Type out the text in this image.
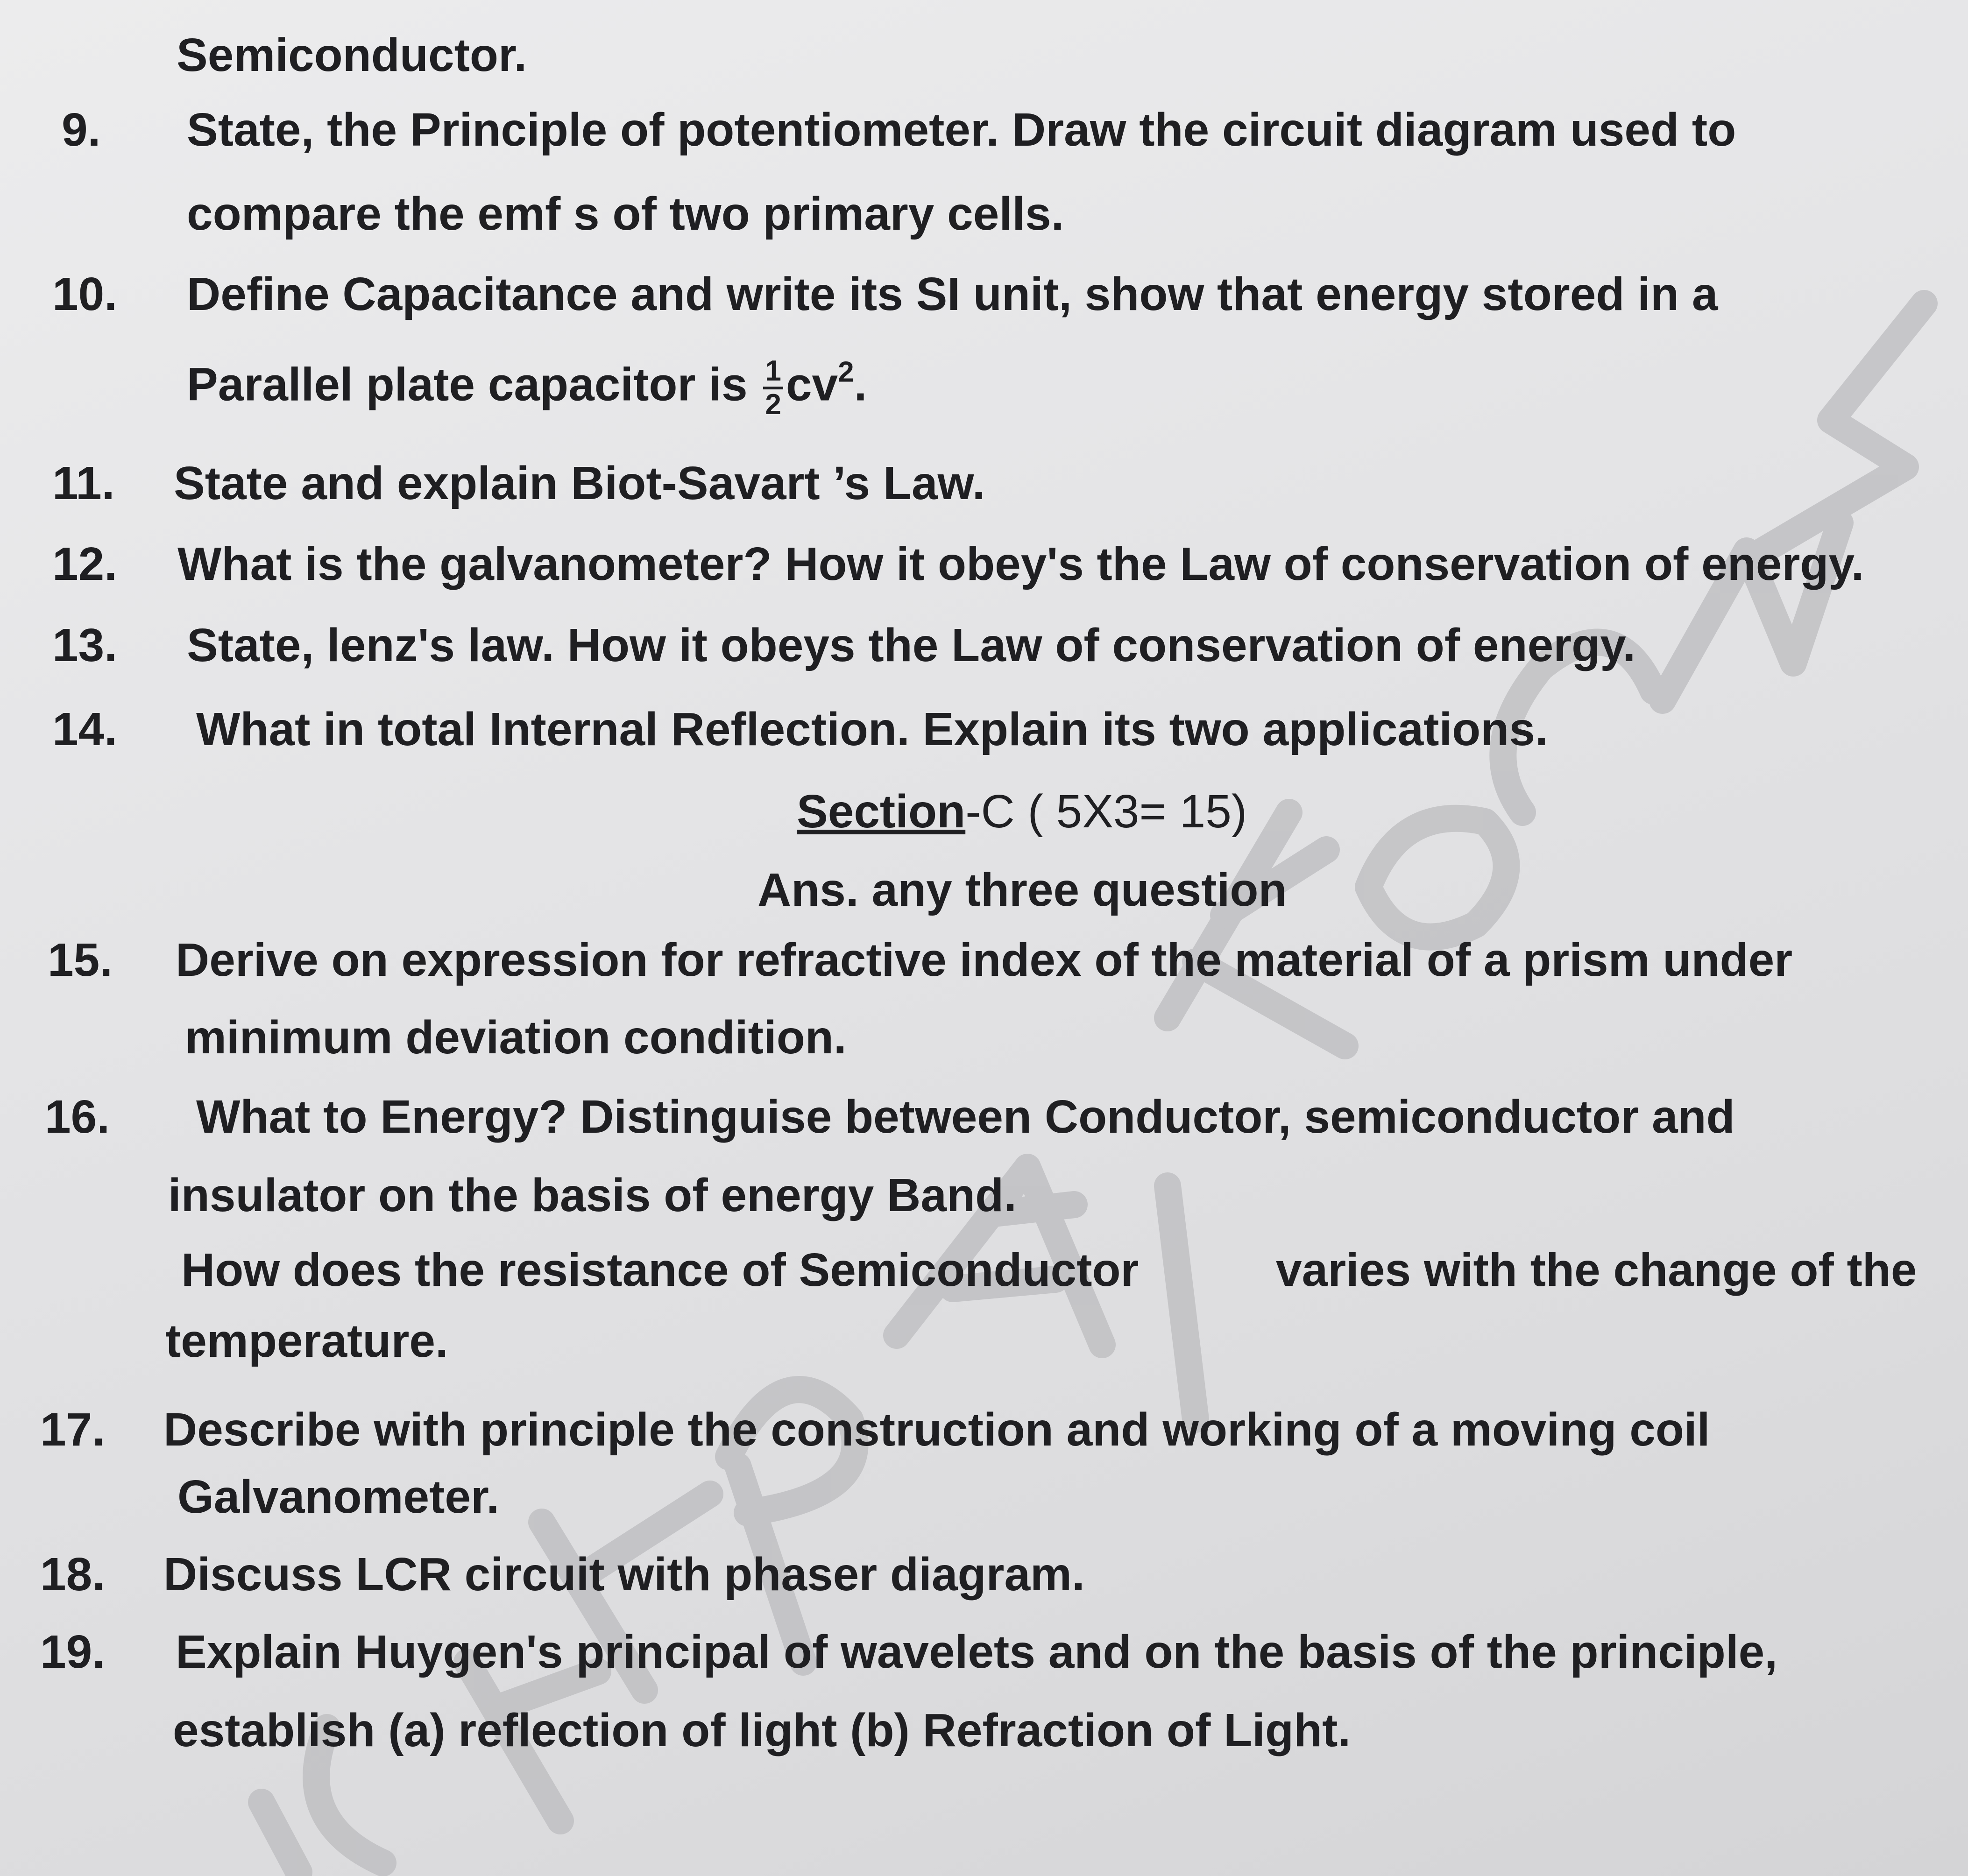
Semiconductor.
9. State, the Principle of potentiometer. Draw the circuit diagram used to
compare the emf s of two primary cells.
10. Define Capacitance and write its SI unit, show that energy stored in a
Parallel plate capacitor is $\frac{1}{2} cv^2$.
11. State and explain Biot-Savart ’s Law.
12. What is the galvanometer? How it obey's the Law of conservation of energy.
13. State, lenz's law. How it obeys the Law of conservation of energy.
14. What in total Internal Reflection. Explain its two applications.
Section-C ( 5X3= 15)
Ans. any three question
15. Derive on expression for refractive index of the material of a prism under
minimum deviation condition.
16. What to Energy? Distinguise between Conductor, semiconductor and
insulator on the basis of energy Band.
How does the resistance of Semiconductor	varies with the change of the
temperature.
17. Describe with principle the construction and working of a moving coil
Galvanometer.
18. Discuss LCR circuit with phaser diagram.
19. Explain Huygen's principal of wavelets and on the basis of the principle,
establish (a) reflection of light (b) Refraction of Light.
